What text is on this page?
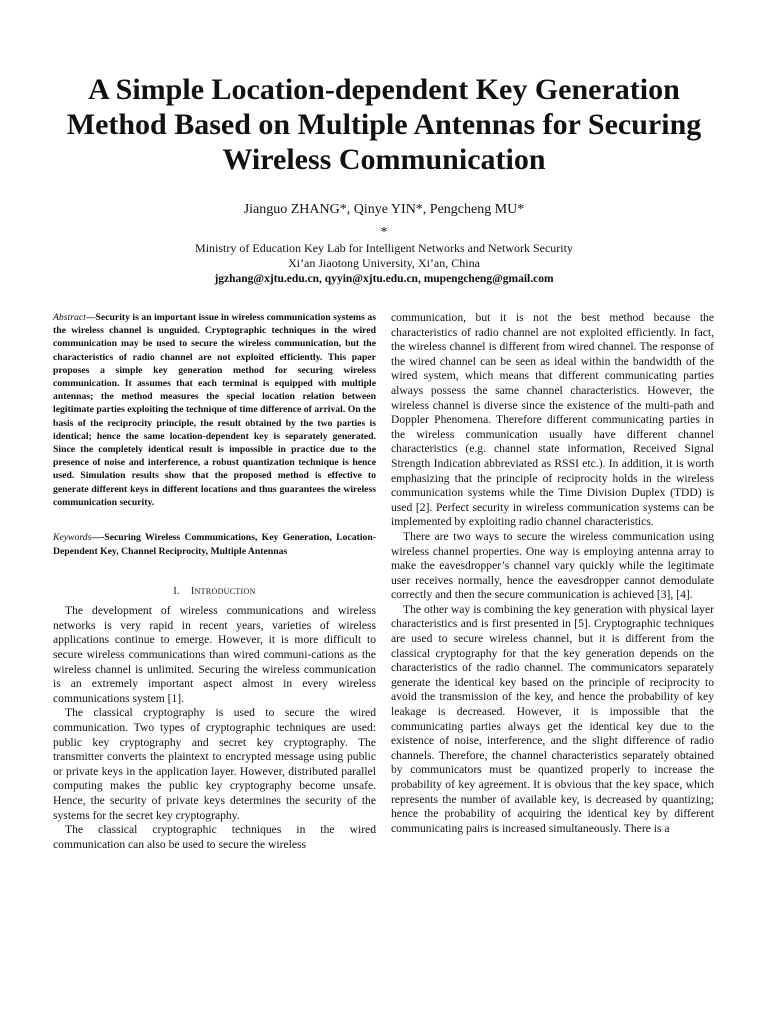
A Simple Location-dependent Key Generation
Method Based on Multiple Antennas for Securing
Wireless Communication
Jianguo ZHANG*, Qinye YIN*, Pengcheng MU*
*
Ministry of Education Key Lab for Intelligent Networks and Network Security
Xi’an Jiaotong University, Xi’an, China
jgzhang@xjtu.edu.cn, qyyin@xjtu.edu.cn, mupengcheng@gmail.com

Abstract—Security is an important issue in wireless communication systems as the wireless channel is unguided. Cryptographic techniques in the wired communication may be used to secure the wireless communication, but the characteristics of radio channel are not exploited efficiently. This paper proposes a simple key generation method for securing wireless communication. It assumes that each terminal is equipped with multiple antennas; the method measures the special location relation between legitimate parties exploiting the technique of time difference of arrival. On the basis of the reciprocity principle, the result obtained by the two parties is identical; hence the same location-dependent key is separately generated. Since the completely identical result is impossible in practice due to the presence of noise and interference, a robust quantization technique is hence used. Simulation results show that the proposed method is effective to generate different keys in different locations and thus guarantees the wireless communication security.

Keywords—-Securing Wireless Communications, Key Generation, Location-Dependent Key, Channel Reciprocity, Multiple Antennas

I. INTRODUCTION

The development of wireless communications and wireless networks is very rapid in recent years, varieties of wireless applications continue to emerge. However, it is more difficult to secure wireless communications than wired communi-cations as the wireless channel is unlimited. Securing the wireless communication is an extremely important aspect almost in every wireless communications system [1].

The classical cryptography is used to secure the wired communication. Two types of cryptographic techniques are used: public key cryptography and secret key cryptography. The transmitter converts the plaintext to encrypted message using public or private keys in the application layer. However, distributed parallel computing makes the public key cryptography become unsafe. Hence, the security of private keys determines the security of the systems for the secret key cryptography.

The classical cryptographic techniques in the wired communication can also be used to secure the wireless

communication, but it is not the best method because the characteristics of radio channel are not exploited efficiently. In fact, the wireless channel is different from wired channel. The response of the wired channel can be seen as ideal within the bandwidth of the wired system, which means that different communicating parties always possess the same channel characteristics. However, the wireless channel is diverse since the existence of the multi-path and Doppler Phenomena. Therefore different communicating parties in the wireless communication usually have different channel characteristics (e.g. channel state information, Received Signal Strength Indication abbreviated as RSSI etc.). In addition, it is worth emphasizing that the principle of reciprocity holds in the wireless communication systems while the Time Division Duplex (TDD) is used [2]. Perfect security in wireless communication systems can be implemented by exploiting radio channel characteristics.

There are two ways to secure the wireless communication using wireless channel properties. One way is employing antenna array to make the eavesdropper’s channel vary quickly while the legitimate user receives normally, hence the eavesdropper cannot demodulate correctly and then the secure communication is achieved [3], [4].

The other way is combining the key generation with physical layer characteristics and is first presented in [5]. Cryptographic techniques are used to secure wireless channel, but it is different from the classical cryptography for that the key generation depends on the characteristics of the radio channel. The communicators separately generate the identical key based on the principle of reciprocity to avoid the transmission of the key, and hence the probability of key leakage is decreased. However, it is impossible that the communicating parties always get the identical key due to the existence of noise, interference, and the slight difference of radio channels. Therefore, the channel characteristics separately obtained by communicators must be quantized properly to increase the probability of key agreement. It is obvious that the key space, which represents the number of available key, is decreased by quantizing; hence the probability of acquiring the identical key by different communicating pairs is increased simultaneously. There is a
